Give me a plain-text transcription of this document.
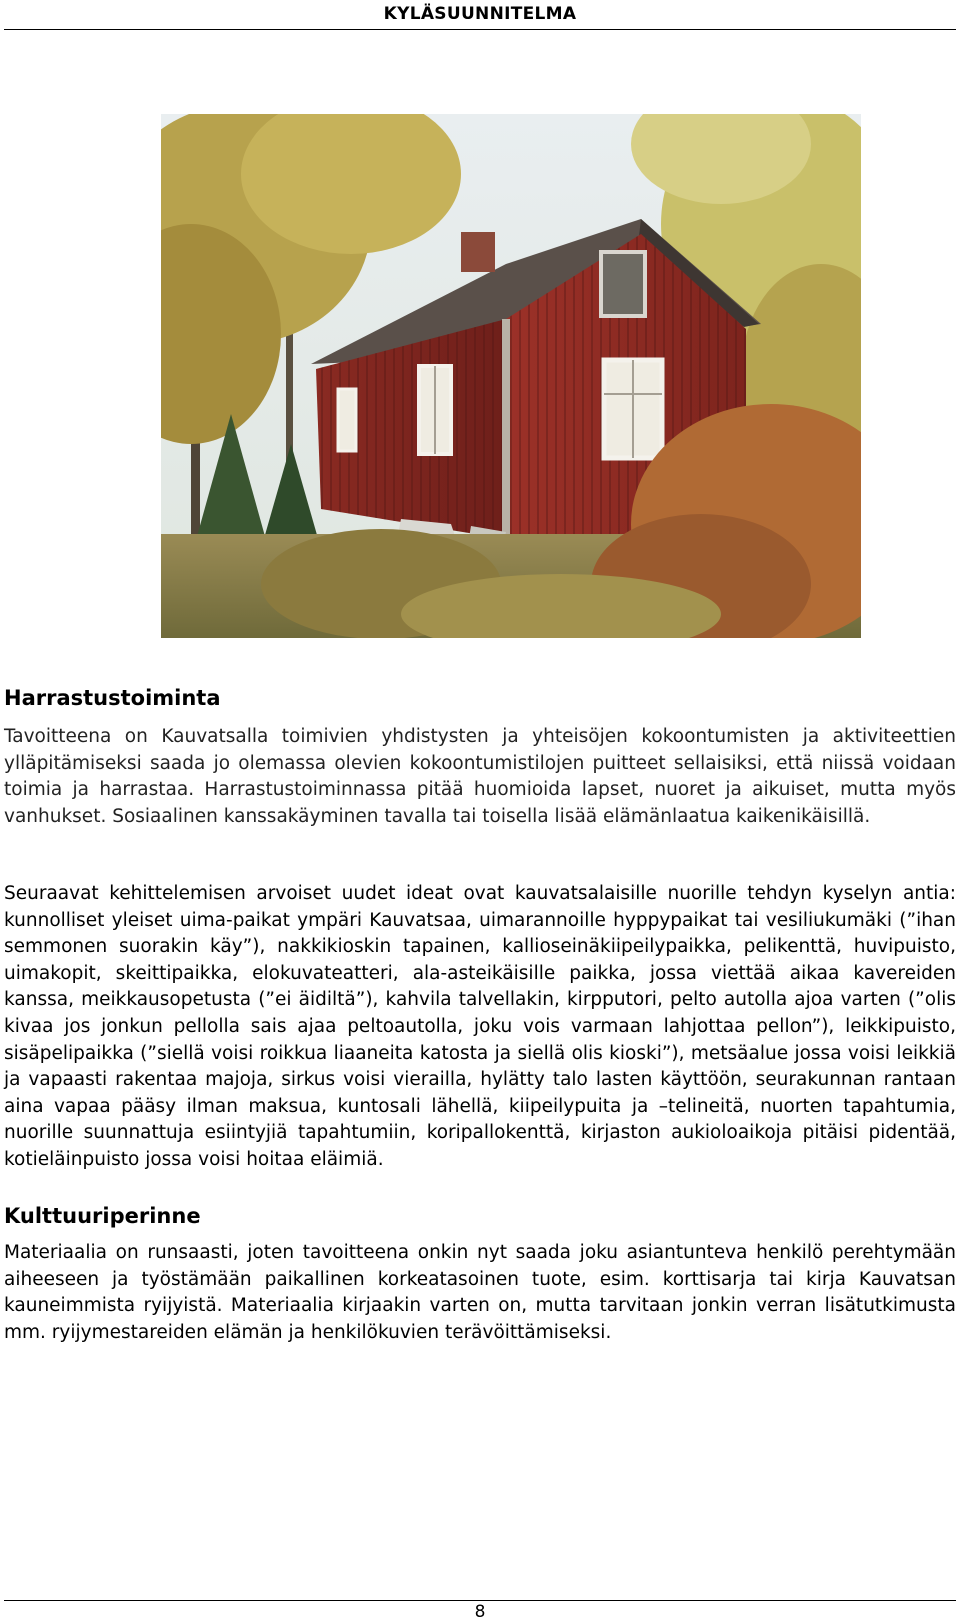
KYLÄSUUNNITELMA
Harrastustoiminta

Tavoitteena on Kauvatsalla toimivien yhdistysten ja yhteisöjen kokoontumisten ja aktiviteettien ylläpitämiseksi saada jo olemassa olevien kokoontumistilojen puitteet sellaisiksi, että niissä voidaan toimia ja harrastaa. Harrastustoiminnassa pitää huomioida lapset, nuoret ja aikuiset, mutta myös vanhukset. Sosiaalinen kanssakäyminen tavalla tai toisella lisää elämänlaatua kaikenikäisillä.

Seuraavat kehittelemisen arvoiset uudet ideat ovat kauvatsalaisille nuorille tehdyn kyselyn antia: kunnolliset yleiset uima-paikat ympäri Kauvatsaa, uimarannoille hyppypaikat tai vesiliukumäki (”ihan semmonen suorakin käy”), nakkikioskin tapainen, kallioseinäkiipeilypaikka, pelikenttä, huvipuisto, uimakopit, skeittipaikka, elokuvateatteri, ala-asteikäisille paikka, jossa viettää aikaa kavereiden kanssa, meikkausopetusta (”ei äidiltä”), kahvila talvellakin, kirpputori, pelto autolla ajoa varten (”olis kivaa jos jonkun pellolla sais ajaa peltoautolla, joku vois varmaan lahjottaa pellon”), leikkipuisto, sisäpelipaikka (”siellä voisi roikkua liaaneita katosta ja siellä olis kioski”), metsäalue jossa voisi leikkiä ja vapaasti rakentaa majoja, sirkus voisi vierailla, hylätty talo lasten käyttöön, seurakunnan rantaan aina vapaa pääsy ilman maksua, kuntosali lähellä, kiipeilypuita ja –telineitä, nuorten tapahtumia, nuorille suunnattuja esiintyjiä tapahtumiin, koripallokenttä, kirjaston aukioloaikoja pitäisi pidentää, kotieläinpuisto jossa voisi hoitaa eläimiä.

Kulttuuriperinne

Materiaalia on runsaasti, joten tavoitteena onkin nyt saada joku asiantunteva henkilö perehtymään aiheeseen ja työstämään paikallinen korkeatasoinen tuote, esim. korttisarja tai kirja Kauvatsan kauneimmista ryijyistä. Materiaalia kirjaakin varten on, mutta tarvitaan jonkin verran lisätutkimusta mm. ryijymestareiden elämän ja henkilökuvien terävöittämiseksi.

8
